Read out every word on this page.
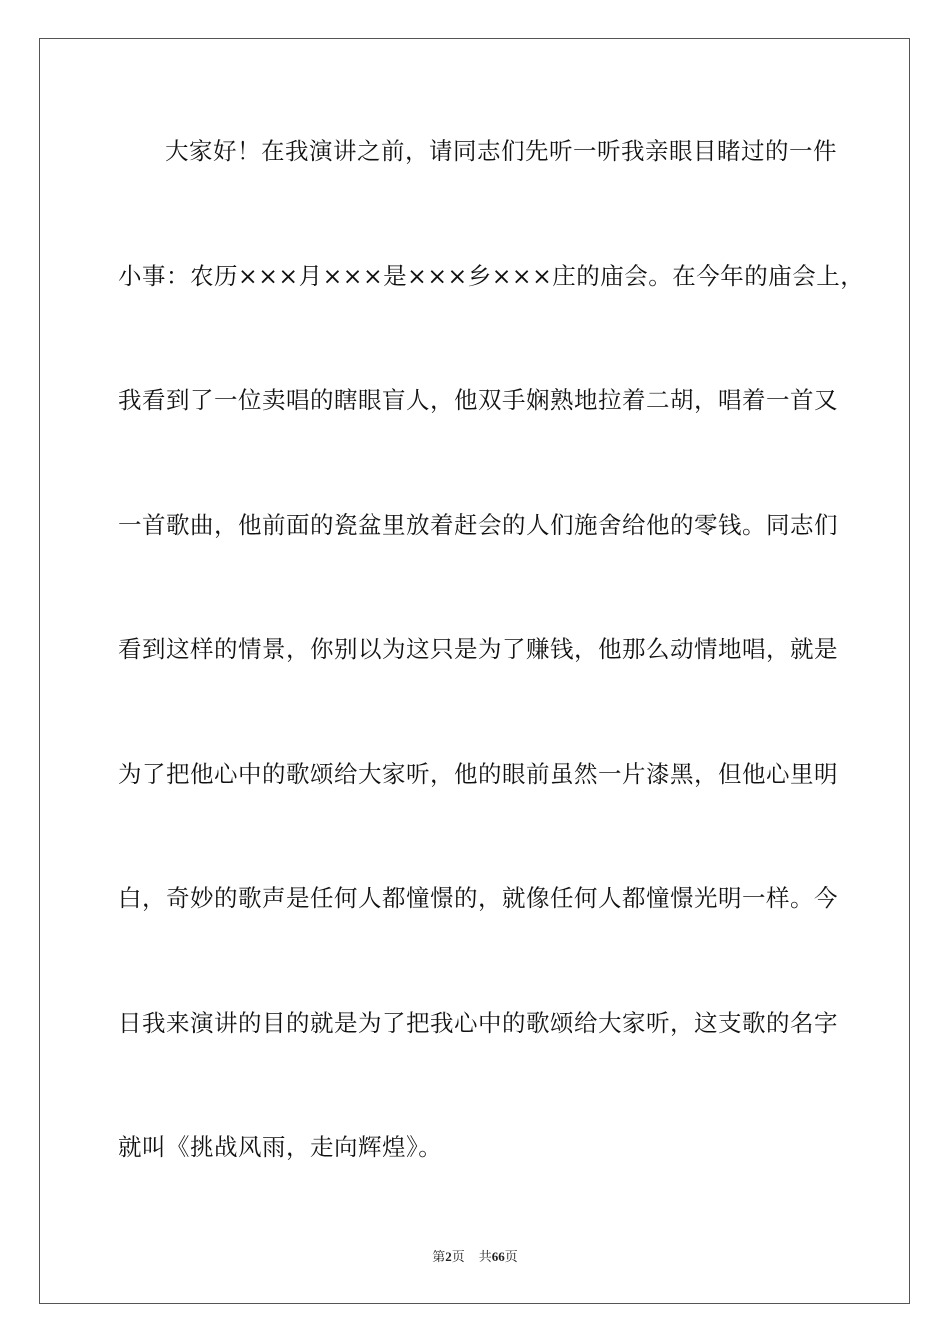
大家好！在我演讲之前，请同志们先听一听我亲眼目睹过的一件
小事：农历×××月×××是×××乡×××庄的庙会。在今年的庙会上，
我看到了一位卖唱的瞎眼盲人，他双手娴熟地拉着二胡，唱着一首又
一首歌曲，他前面的瓷盆里放着赶会的人们施舍给他的零钱。同志们
看到这样的情景，你别以为这只是为了赚钱，他那么动情地唱，就是
为了把他心中的歌颂给大家听，他的眼前虽然一片漆黑，但他心里明
白，奇妙的歌声是任何人都憧憬的，就像任何人都憧憬光明一样。今
日我来演讲的目的就是为了把我心中的歌颂给大家听，这支歌的名字
就叫《挑战风雨，走向辉煌》。
第2页 共66页
